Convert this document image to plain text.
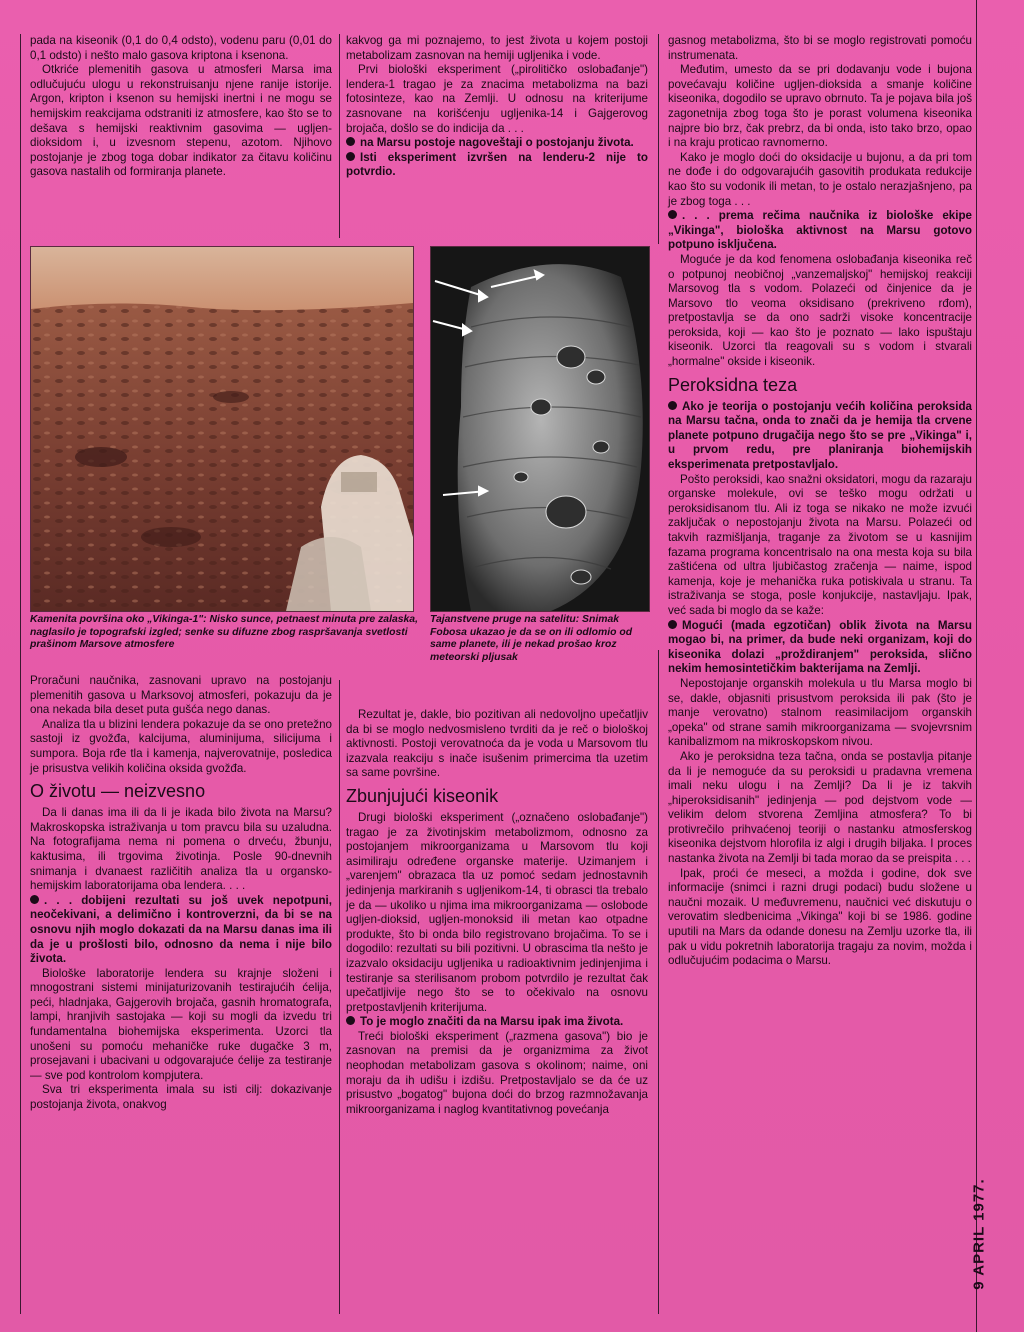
pada na kiseonik (0,1 do 0,4 odsto), vodenu paru (0,01 do 0,1 odsto) i nešto malo gasova kriptona i ksenona.

Otkriće plemenitih gasova u atmosferi Marsa ima odlučujuću ulogu u rekonstruisanju njene ranije istorije. Argon, kripton i ksenon su hemijski inertni i ne mogu se hemijskim reakcijama odstraniti iz atmosfere, kao što se to dešava s hemijski reaktivnim gasovima — ugljen-dioksidom i, u izvesnom stepenu, azotom. Njihovo postojanje je zbog toga dobar indikator za čitavu količinu gasova nastalih od formiranja planete.

kakvog ga mi poznajemo, to jest života u kojem postoji metabolizam zasnovan na hemiji ugljenika i vode.

Prvi biološki eksperiment („pirolitičko oslobađanje") lendera-1 tragao je za znacima metabolizma na bazi fotosinteze, kao na Zemlji. U odnosu na kriterijume zasnovane na korišćenju ugljenika-14 i Gajgerovog brojača, došlo se do indicija da . . .

na Marsu postoje nagoveštaji o postojanju života.

Isti eksperiment izvršen na lenderu-2 nije to potvrdio.

Kamenita površina oko „Vikinga-1": Nisko sunce, petnaest minuta pre zalaska, naglasilo je topografski izgled; senke su difuzne zbog raspršavanja svetlosti prašinom Marsove atmosfere
Tajanstvene pruge na satelitu: Snimak Fobosa ukazao je da se on ili odlomio od same planete, ili je nekad prošao kroz meteorski pljusak

gasnog metabolizma, što bi se moglo registrovati pomoću instrumenata.

Međutim, umesto da se pri dodavanju vode i bujona povećavaju količine ugljen-dioksida a smanje količine kiseonika, dogodilo se upravo obrnuto. Ta je pojava bila još zagonetnija zbog toga što je porast volumena kiseonika najpre bio brz, čak prebrz, da bi onda, isto tako brzo, opao i na kraju proticao ravnomerno.

Kako je moglo doći do oksidacije u bujonu, a da pri tom ne dođe i do odgovarajućih gasovitih produkata redukcije kao što su vodonik ili metan, to je ostalo nerazjašnjeno, pa je zbog toga . . .

. . . prema rečima naučnika iz biološke ekipe „Vikinga", biološka aktivnost na Marsu gotovo potpuno isključena.

Moguće je da kod fenomena oslobađanja kiseonika reč o potpunoj neobičnoj „vanzemaljskoj" hemijskoj reakciji Marsovog tla s vodom. Polazeći od činjenice da je Marsovo tlo veoma oksidisano (prekriveno rđom), pretpostavlja se da ono sadrži visoke koncentracije peroksida, koji — kao što je poznato — lako ispuštaju kiseonik. Uzorci tla reagovali su s vodom i stvarali „hormalne" okside i kiseonik.

Peroksidna teza

Ako je teorija o postojanju većih količina peroksida na Marsu tačna, onda to znači da je hemija tla crvene planete potpuno drugačija nego što se pre „Vikinga" i, u prvom redu, pre planiranja biohemijskih eksperimenata pretpostavljalo.

Pošto peroksidi, kao snažni oksidatori, mogu da razaraju organske molekule, ovi se teško mogu održati u peroksidisanom tlu. Ali iz toga se nikako ne može izvući zaključak o nepostojanju života na Marsu. Polazeći od takvih razmišljanja, traganje za životom se u kasnijim fazama programa koncentrisalo na ona mesta koja su bila zaštićena od ultra ljubičastog zračenja — naime, ispod kamenja, koje je mehanička ruka potiskivala u stranu. Ta istraživanja se stoga, posle konjukcije, nastavljaju. Ipak, već sada bi moglo da se kaže:

Mogući (mada egzotičan) oblik života na Marsu mogao bi, na primer, da bude neki organizam, koji do kiseonika dolazi „proždiranjem" peroksida, slično nekim hemosintetičkim bakterijama na Zemlji.

Nepostojanje organskih molekula u tlu Marsa moglo bi se, dakle, objasniti prisustvom peroksida ili pak (što je manje verovatno) stalnom reasimilacijom organskih „opeka" od strane samih mikroorganizama — svojevrsnim kanibalizmom na mikroskopskom nivou.

Ako je peroksidna teza tačna, onda se postavlja pitanje da li je nemoguće da su peroksidi u pradavna vremena imali neku ulogu i na Zemlji? Da li je iz takvih „hiperoksidisanih" jedinjenja — pod dejstvom vode — velikim delom stvorena Zemljina atmosfera? To bi protivrečilo prihvaćenoj teoriji o nastanku atmosferskog kiseonika dejstvom hlorofila iz algi i drugih biljaka. I proces nastanka života na Zemlji bi tada morao da se preispita . . .

Ipak, proći će meseci, a možda i godine, dok sve informacije (snimci i razni drugi podaci) budu složene u naučni mozaik. U međuvremenu, naučnici već diskutuju o verovatim sledbenicima „Vikinga" koji bi se 1986. godine uputili na Mars da odande donesu na Zemlju uzorke tla, ili pak u vidu pokretnih laboratorija tragaju za novim, možda i odlučujućim podacima o Marsu.

Proračuni naučnika, zasnovani upravo na postojanju plemenitih gasova u Marksovoj atmosferi, pokazuju da je ona nekada bila deset puta gušća nego danas.

Analiza tla u blizini lendera pokazuje da se ono pretežno sastoji iz gvožđa, kalcijuma, aluminijuma, silicijuma i sumpora. Boja rđe tla i kamenja, najverovatnije, posledica je prisustva velikih količina oksida gvožđa.

O životu — neizvesno

Da li danas ima ili da li je ikada bilo života na Marsu? Makroskopska istraživanja u tom pravcu bila su uzaludna. Na fotografijama nema ni pomena o drveću, žbunju, kaktusima, ili trgovima životinja. Posle 90-dnevnih snimanja i dvanaest različitih analiza tla u organsko-hemijskim laboratorijama oba lendera. . . .

. . . dobijeni rezultati su još uvek nepotpuni, neočekivani, a delimično i kontroverzni, da bi se na osnovu njih moglo dokazati da na Marsu danas ima ili da je u prošlosti bilo, odnosno da nema i nije bilo života.

Biološke laboratorije lendera su krajnje složeni i mnogostrani sistemi minijaturizovanih testirajućih ćelija, peći, hladnjaka, Gajgerovih brojača, gasnih hromatografa, lampi, hranjivih sastojaka — koji su mogli da izvedu tri fundamentalna biohemijska eksperimenta. Uzorci tla unošeni su pomoću mehaničke ruke dugačke 3 m, prosejavani i ubacivani u odgovarajuće ćelije za testiranje — sve pod kontrolom kompjutera.

Sva tri eksperimenta imala su isti cilj: dokazivanje postojanja života, onakvog

Rezultat je, dakle, bio pozitivan ali nedovoljno upečatljiv da bi se moglo nedvosmisleno tvrditi da je reč o biološkoj aktivnosti. Postoji verovatnoća da je voda u Marsovom tlu izazvala reakciju s inače isušenim primercima tla uzetim sa same površine.

Zbunjujući kiseonik

Drugi biološki eksperiment („označeno oslobađanje") tragao je za životinjskim metabolizmom, odnosno za postojanjem mikroorganizama u Marsovom tlu koji asimiliraju određene organske materije. Uzimanjem i „varenjem" obrazaca tla uz pomoć sedam jednostavnih jedinjenja markiranih s ugljenikom-14, ti obrasci tla trebalo je da — ukoliko u njima ima mikroorganizama — oslobode ugljen-dioksid, ugljen-monoksid ili metan kao otpadne produkte, što bi onda bilo registrovano brojačima. To se i dogodilo: rezultati su bili pozitivni. U obrascima tla nešto je izazvalo oksidaciju ugljenika u radioaktivnim jedinjenjima i testiranje sa sterilisanom probom potvrdilo je rezultat čak upečatljivije nego što se to očekivalo na osnovu pretpostavljenih kriterijuma.

To je moglo značiti da na Marsu ipak ima života.

Treći biološki eksperiment („razmena gasova") bio je zasnovan na premisi da je organizmima za život neophodan metabolizam gasova s okolinom; naime, oni moraju da ih udišu i izdišu. Pretpostavljalo se da će uz prisustvo „bogatog" bujona doći do brzog razmnožavanja mikroorganizama i naglog kvantitativnog povećanja

9 APRIL 1977.
